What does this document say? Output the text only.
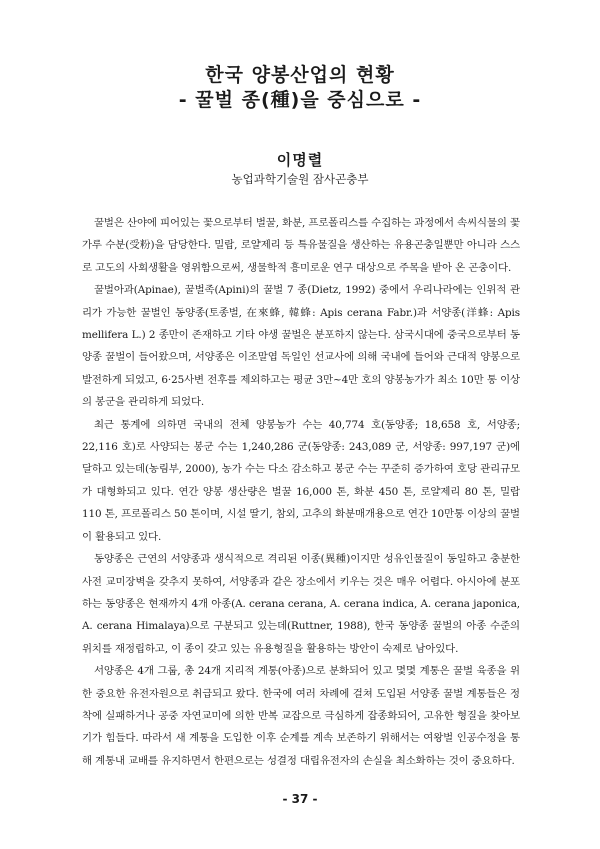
한국 양봉산업의 현황
- 꿀벌 종(種)을 중심으로 -
이명렬
농업과학기술원 잠사곤충부

꿀벌은 산야에 피어있는 꽃으로부터 벌꿀, 화분, 프로폴리스를 수집하는 과정에서 속씨식물의 꽃가루 수분(受粉)을 담당한다. 밀랍, 로얄제리 등 특유물질을 생산하는 유용곤충일뿐만 아니라 스스로 고도의 사회생활을 영위함으로써, 생물학적 흥미로운 연구 대상으로 주목을 받아 온 곤충이다.

꿀벌아과(Apinae), 꿀벌족(Apini)의 꿀벌 7 종(Dietz, 1992) 중에서 우리나라에는 인위적 관리가 가능한 꿀벌인 동양종(토종벌, 在來蜂, 韓蜂: Apis cerana Fabr.)과 서양종(洋蜂: Apis mellifera L.) 2 종만이 존재하고 기타 야생 꿀벌은 분포하지 않는다. 삼국시대에 중국으로부터 동양종 꿀벌이 들어왔으며, 서양종은 이조말엽 독일인 선교사에 의해 국내에 들어와 근대적 양봉으로 발전하게 되었고, 6·25사변 전후를 제외하고는 평균 3만~4만 호의 양봉농가가 최소 10만 통 이상의 봉군을 관리하게 되었다.

최근 통계에 의하면 국내의 전체 양봉농가 수는 40,774 호(동양종; 18,658 호, 서양종; 22,116 호)로 사양되는 봉군 수는 1,240,286 군(동양종: 243,089 군, 서양종: 997,197 군)에 달하고 있는데(농림부, 2000), 농가 수는 다소 감소하고 봉군 수는 꾸준히 증가하여 호당 관리규모가 대형화되고 있다. 연간 양봉 생산량은 벌꿀 16,000 톤, 화분 450 톤, 로얄제리 80 톤, 밀랍 110 톤, 프로폴리스 50 톤이며, 시설 딸기, 참외, 고추의 화분매개용으로 연간 10만통 이상의 꿀벌이 활용되고 있다.

동양종은 근연의 서양종과 생식적으로 격리된 이종(異種)이지만 성유인물질이 동일하고 충분한 사전 교미장벽을 갖추지 못하여, 서양종과 같은 장소에서 키우는 것은 매우 어렵다. 아시아에 분포하는 동양종은 현재까지 4개 아종(A. cerana cerana, A. cerana indica, A. cerana japonica, A. cerana Himalaya)으로 구분되고 있는데(Ruttner, 1988), 한국 동양종 꿀벌의 아종 수준의 위치를 재정립하고, 이 종이 갖고 있는 유용형질을 활용하는 방안이 숙제로 남아있다.

서양종은 4개 그룹, 총 24개 지리적 계통(아종)으로 분화되어 있고 몇몇 계통은 꿀벌 육종을 위한 중요한 유전자원으로 취급되고 왔다. 한국에 여러 차례에 걸쳐 도입된 서양종 꿀벌 계통들은 정착에 실패하거나 공중 자연교미에 의한 반복 교잡으로 극심하게 잡종화되어, 고유한 형질을 찾아보기가 힘들다. 따라서 새 계통을 도입한 이후 순계를 계속 보존하기 위해서는 여왕벌 인공수정을 통해 계통내 교배를 유지하면서 한편으로는 성결정 대립유전자의 손실을 최소화하는 것이 중요하다.

- 37 -
